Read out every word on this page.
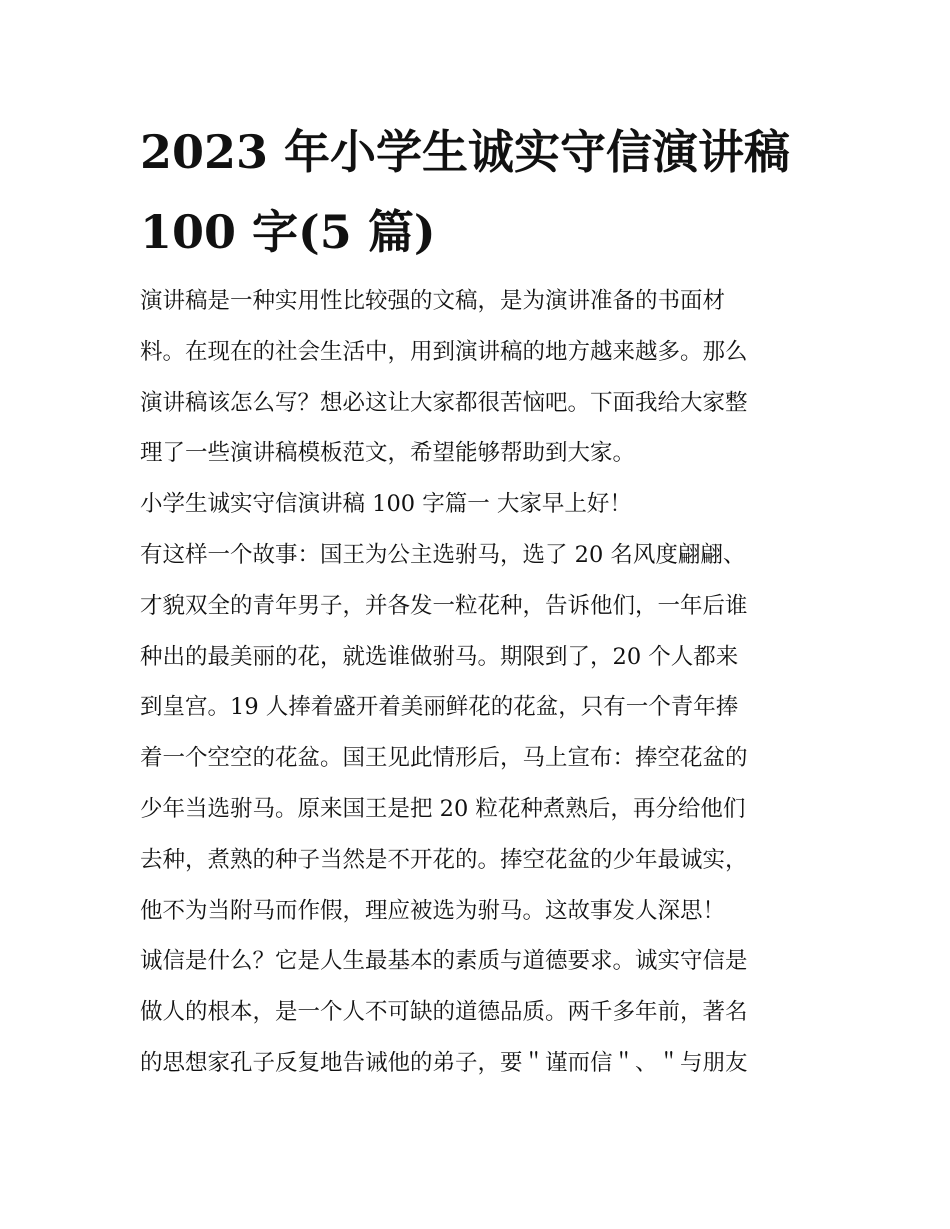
2023 年小学生诚实守信演讲稿
100 字(5 篇)
演讲稿是一种实用性比较强的文稿，是为演讲准备的书面材
料。在现在的社会生活中，用到演讲稿的地方越来越多。那么
演讲稿该怎么写？想必这让大家都很苦恼吧。下面我给大家整
理了一些演讲稿模板范文，希望能够帮助到大家。
小学生诚实守信演讲稿 100 字篇一 大家早上好！
有这样一个故事：国王为公主选驸马，选了 20 名风度翩翩、
才貌双全的青年男子，并各发一粒花种，告诉他们，一年后谁
种出的最美丽的花，就选谁做驸马。期限到了，20 个人都来
到皇宫。19 人捧着盛开着美丽鲜花的花盆，只有一个青年捧
着一个空空的花盆。国王见此情形后，马上宣布：捧空花盆的
少年当选驸马。原来国王是把 20 粒花种煮熟后，再分给他们
去种，煮熟的种子当然是不开花的。捧空花盆的少年最诚实，
他不为当附马而作假，理应被选为驸马。这故事发人深思！
诚信是什么？它是人生最基本的素质与道德要求。诚实守信是
做人的根本，是一个人不可缺的道德品质。两千多年前，著名
的思想家孔子反复地告诫他的弟子，要＂谨而信＂、＂与朋友
